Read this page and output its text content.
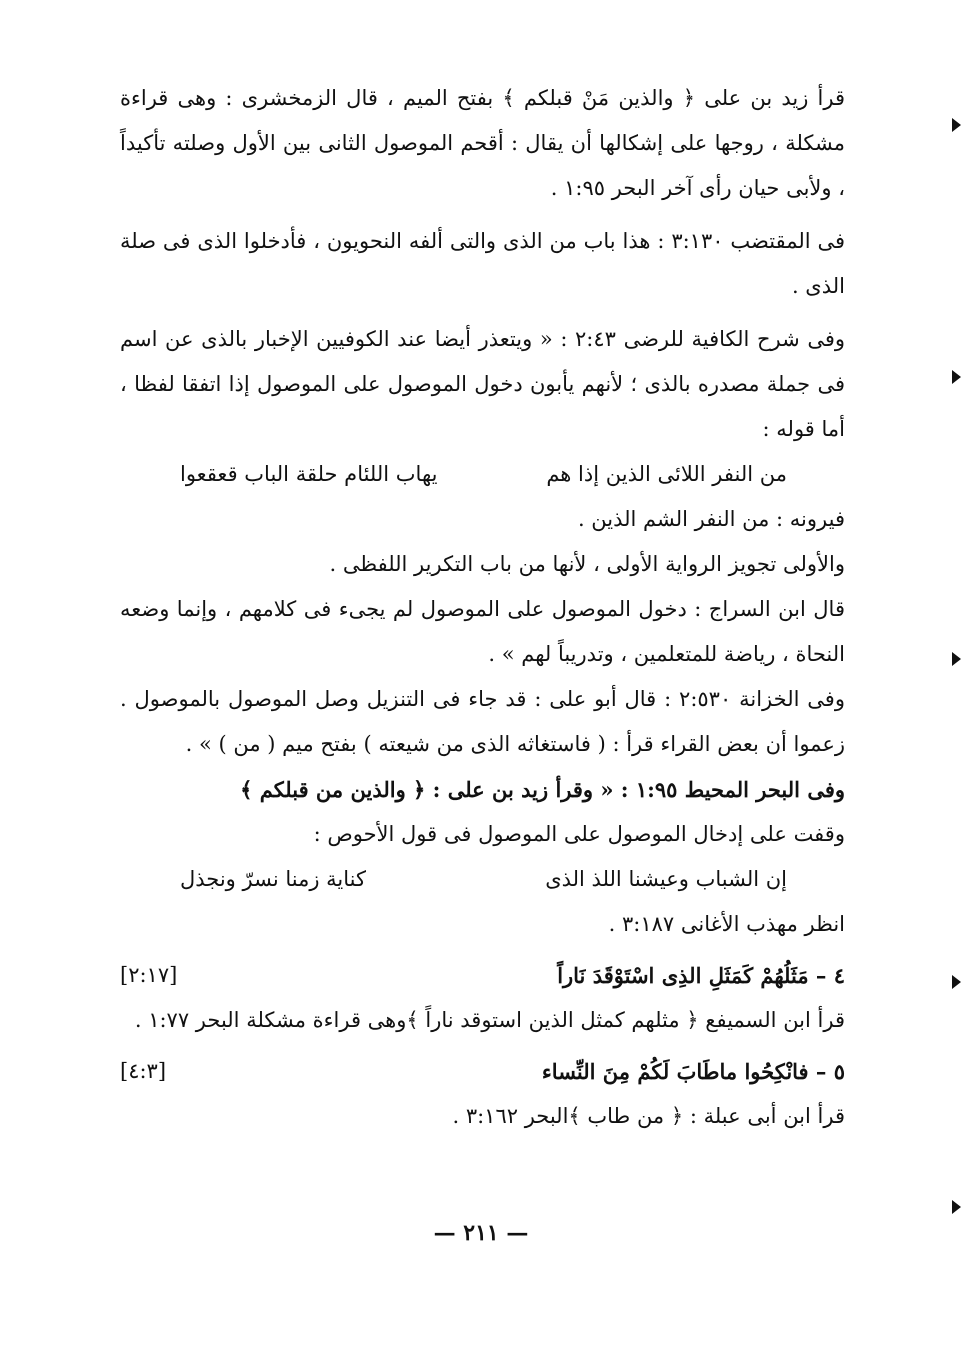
قرأ زيد بن على ﴿ والذين مَنْ قبلكم ﴾ بفتح الميم ، قال الزمخشرى : وهى قراءة مشكلة ، روجها على إشكالها أن يقال : أقحم الموصول الثانى بين الأول وصلته تأكيداً ، ولأبى حيان رأى آخر البحر ١:٩٥ .

فى المقتضب ٣:١٣٠ : هذا باب من الذى والتى ألفه النحويون ، فأدخلوا الذى فى صلة الذى .

وفى شرح الكافية للرضى ٢:٤٣ : « ويتعذر أيضا عند الكوفيين الإخبار بالذى عن اسم فى جملة مصدره بالذى ؛ لأنهم يأبون دخول الموصول على الموصول إذا اتفقا لفظا ، أما قوله :

من النفر اللائى الذين إذا هم
يهاب اللئام حلقة الباب قعقعوا

فيرونه : من النفر الشم الذين .

والأولى تجويز الرواية الأولى ، لأنها من باب التكرير اللفظى .

قال ابن السراج : دخول الموصول على الموصول لم يجىء فى كلامهم ، وإنما وضعه النحاة ، رياضة للمتعلمين ، وتدريباً لهم » .

وفى الخزانة ٢:٥٣٠ : قال أبو على : قد جاء فى التنزيل وصل الموصول بالموصول . زعموا أن بعض القراء قرأ : ( فاستغاثه الذى من شيعته ) بفتح ميم ( من ) » .

وفى البحر المحيط ١:٩٥ : « وقرأ زيد بن على : ﴿ والذين من قبلكم ﴾

وقفت على إدخال الموصول على الموصول فى قول الأحوص :

إن الشباب وعيشنا اللذ الذى
كناية زمنا نسرّ ونجذل

انظر مهذب الأغانى ٣:١٨٧ .

٤ – مَثَلُهُمْ كَمَثَلِ الذِى اسْتَوْقَدَ نَاراً
[٢:١٧]

قرأ ابن السميفع ﴿ مثلهم كمثل الذين استوقد ناراً ﴾وهى قراءة مشكلة البحر ١:٧٧ .

٥ – فانْكِحُوا ماطَابَ لَكُمْ مِنَ النِّساء
[٤:٣]

قرأ ابن أبى عبلة : ﴿ من طاب ﴾البحر ٣:١٦٢ .

— ٢١١ —
